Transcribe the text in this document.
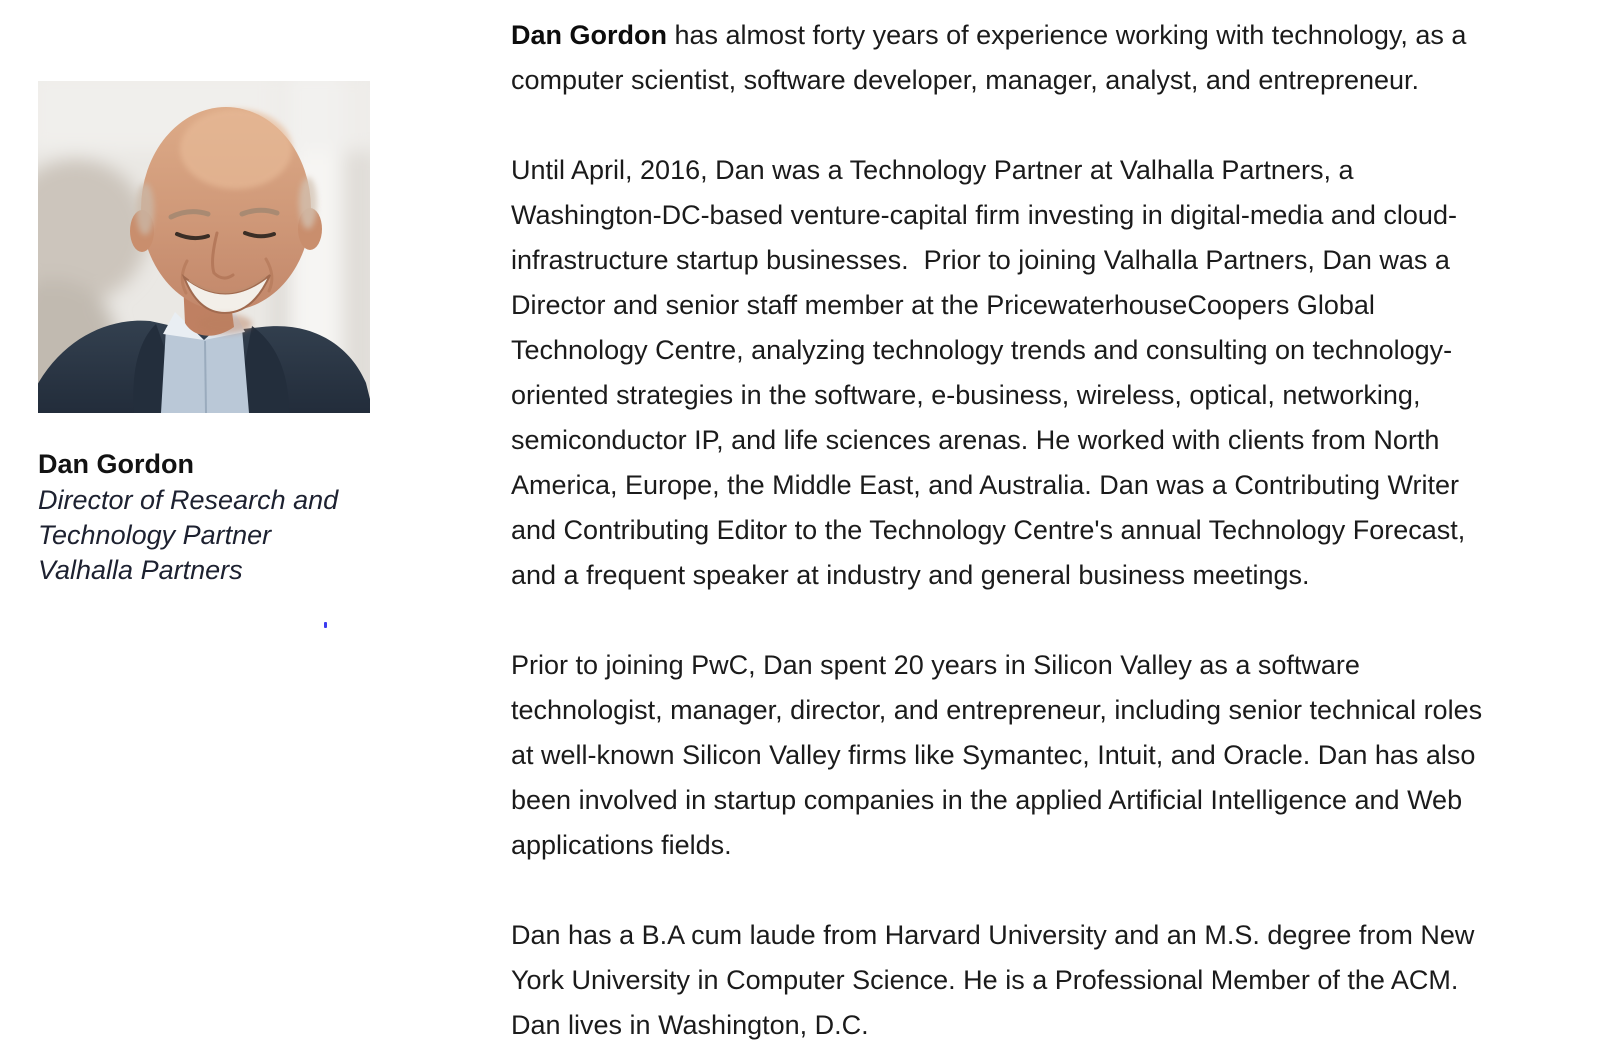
Dan Gordon
Director of Research and
Technology Partner
Valhalla Partners

Dan Gordon has almost forty years of experience working with technology, as a
computer scientist, software developer, manager, analyst, and entrepreneur.

Until April, 2016, Dan was a Technology Partner at Valhalla Partners, a
Washington-DC-based venture-capital firm investing in digital-media and cloud-
infrastructure startup businesses.  Prior to joining Valhalla Partners, Dan was a
Director and senior staff member at the PricewaterhouseCoopers Global
Technology Centre, analyzing technology trends and consulting on technology-
oriented strategies in the software, e-business, wireless, optical, networking,
semiconductor IP, and life sciences arenas. He worked with clients from North
America, Europe, the Middle East, and Australia. Dan was a Contributing Writer
and Contributing Editor to the Technology Centre's annual Technology Forecast,
and a frequent speaker at industry and general business meetings.

Prior to joining PwC, Dan spent 20 years in Silicon Valley as a software
technologist, manager, director, and entrepreneur, including senior technical roles
at well-known Silicon Valley firms like Symantec, Intuit, and Oracle. Dan has also
been involved in startup companies in the applied Artificial Intelligence and Web
applications fields.

Dan has a B.A cum laude from Harvard University and an M.S. degree from New
York University in Computer Science. He is a Professional Member of the ACM.
Dan lives in Washington, D.C.
